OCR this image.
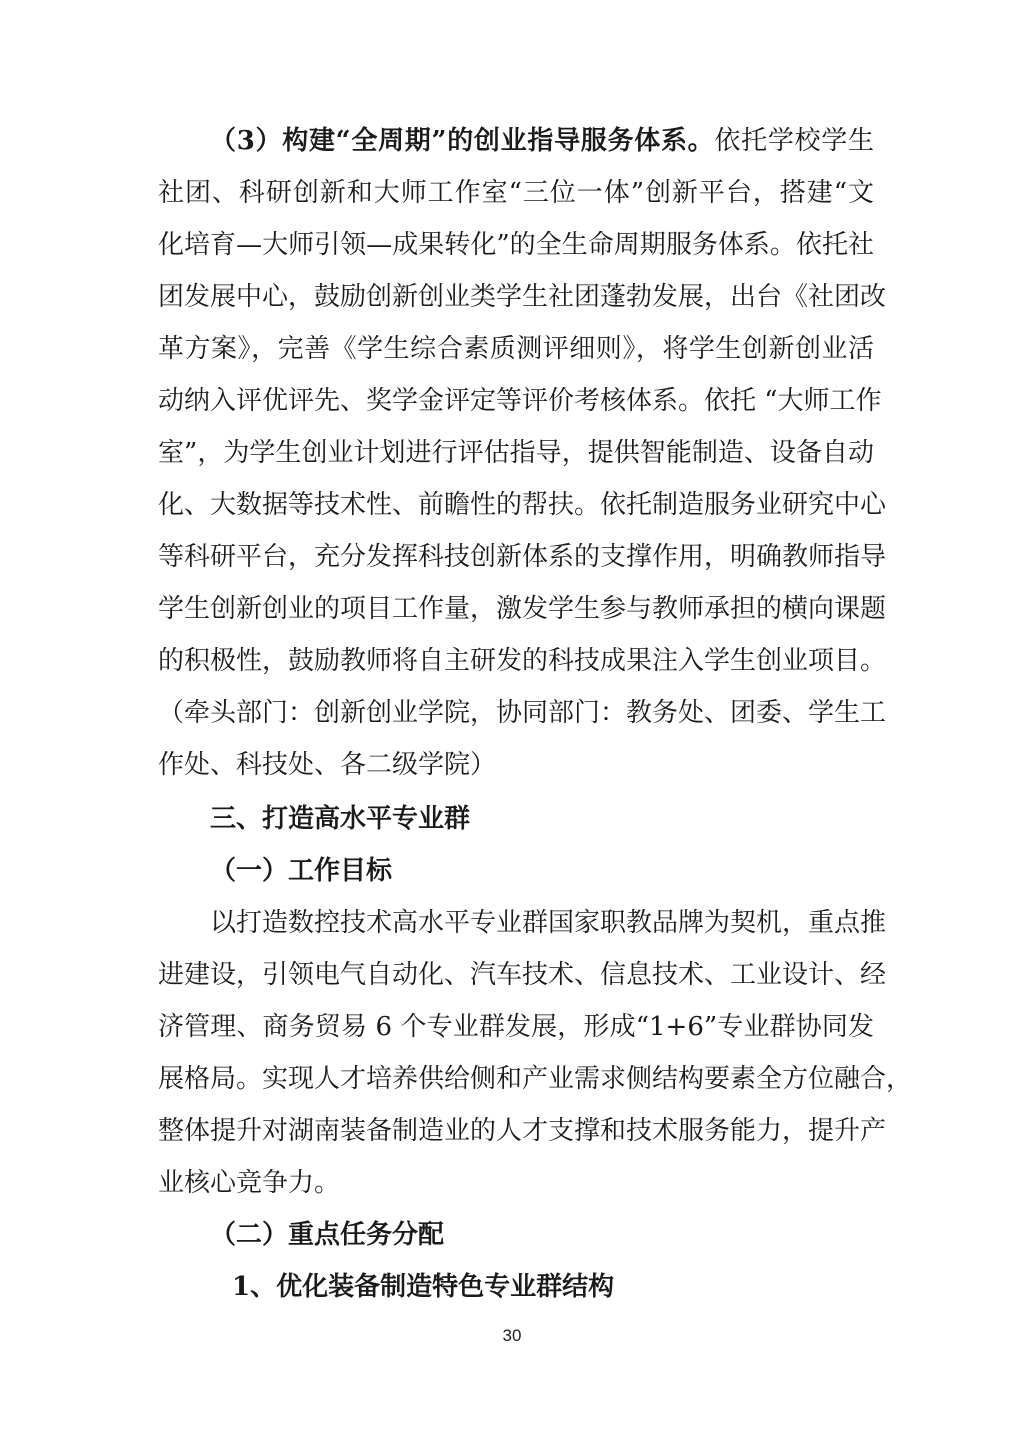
（3）构建“全周期”的创业指导服务体系。依托学校学生
社团、科研创新和大师工作室“三位一体”创新平台，搭建“文
化培育—大师引领—成果转化”的全生命周期服务体系。依托社
团发展中心，鼓励创新创业类学生社团蓬勃发展，出台《社团改
革方案》，完善《学生综合素质测评细则》，将学生创新创业活
动纳入评优评先、奖学金评定等评价考核体系。依托 “大师工作
室”，为学生创业计划进行评估指导，提供智能制造、设备自动
化、大数据等技术性、前瞻性的帮扶。依托制造服务业研究中心
等科研平台，充分发挥科技创新体系的支撑作用，明确教师指导
学生创新创业的项目工作量，激发学生参与教师承担的横向课题
的积极性，鼓励教师将自主研发的科技成果注入学生创业项目。
（牵头部门：创新创业学院，协同部门：教务处、团委、学生工
作处、科技处、各二级学院）
三、打造高水平专业群
（一）工作目标
以打造数控技术高水平专业群国家职教品牌为契机，重点推
进建设，引领电气自动化、汽车技术、信息技术、工业设计、经
济管理、商务贸易 6 个专业群发展，形成“1+6”专业群协同发
展格局。实现人才培养供给侧和产业需求侧结构要素全方位融合，
整体提升对湖南装备制造业的人才支撑和技术服务能力，提升产
业核心竞争力。
（二）重点任务分配
1、优化装备制造特色专业群结构
30
